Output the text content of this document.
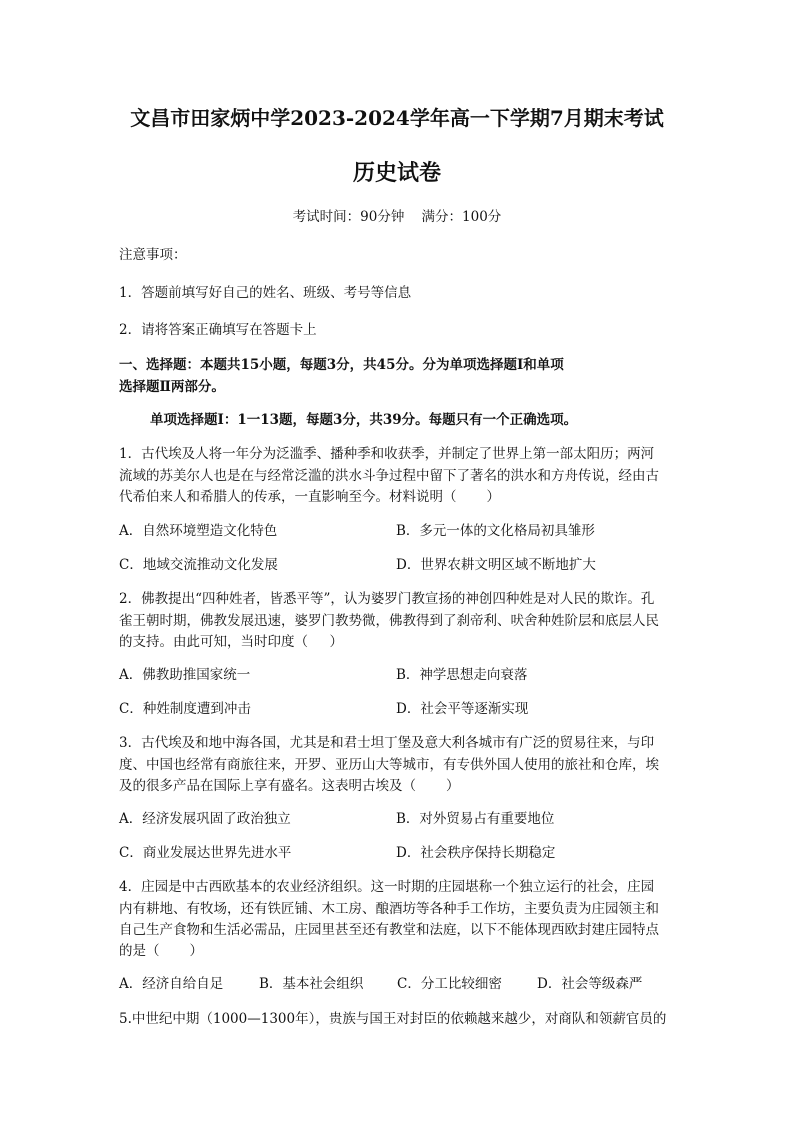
文昌市田家炳中学2023-2024学年高一下学期7月期末考试
历史试卷
考试时间：90分钟    满分：100分
注意事项：
1．答题前填写好自己的姓名、班级、考号等信息
2．请将答案正确填写在答题卡上
一、选择题：本题共15小题，每题3分，共45分。分为单项选择题Ⅰ和单项
选择题Ⅱ两部分。
单项选择题Ⅰ：1一13题，每题3分，共39分。每题只有一个正确选项。
1．古代埃及人将一年分为泛滥季、播种季和收获季，并制定了世界上第一部太阳历；两河
流域的苏美尔人也是在与经常泛滥的洪水斗争过程中留下了著名的洪水和方舟传说，经由古
代希伯来人和希腊人的传承，一直影响至今。材料说明（       ）
A．自然环境塑造文化特色	B．多元一体的文化格局初具雏形
C．地域交流推动文化发展	D．世界农耕文明区域不断地扩大
2．佛教提出“四种姓者，皆悉平等”，认为婆罗门教宣扬的神创四种姓是对人民的欺诈。孔
雀王朝时期，佛教发展迅速，婆罗门教势微，佛教得到了刹帝利、吠舍种姓阶层和底层人民
的支持。由此可知，当时印度（     ）
A．佛教助推国家统一	B．神学思想走向衰落
C．种姓制度遭到冲击	D．社会平等逐渐实现
3．古代埃及和地中海各国，尤其是和君士坦丁堡及意大利各城市有广泛的贸易往来，与印
度、中国也经常有商旅往来，开罗、亚历山大等城市，有专供外国人使用的旅社和仓库，埃
及的很多产品在国际上享有盛名。这表明古埃及（       ）
A．经济发展巩固了政治独立	B．对外贸易占有重要地位
C．商业发展达世界先进水平	D．社会秩序保持长期稳定
4．庄园是中古西欧基本的农业经济组织。这一时期的庄园堪称一个独立运行的社会，庄园
内有耕地、有牧场，还有铁匠铺、木工房、酿酒坊等各种手工作坊，主要负责为庄园领主和
自己生产食物和生活必需品，庄园里甚至还有教堂和法庭，以下不能体现西欧封建庄园特点
的是（       ）
A．经济自给自足	B．基本社会组织 C．分工比较细密	D．社会等级森严
5.中世纪中期（1000—1300年），贵族与国王对封臣的依赖越来越少，对商队和领薪官员的
